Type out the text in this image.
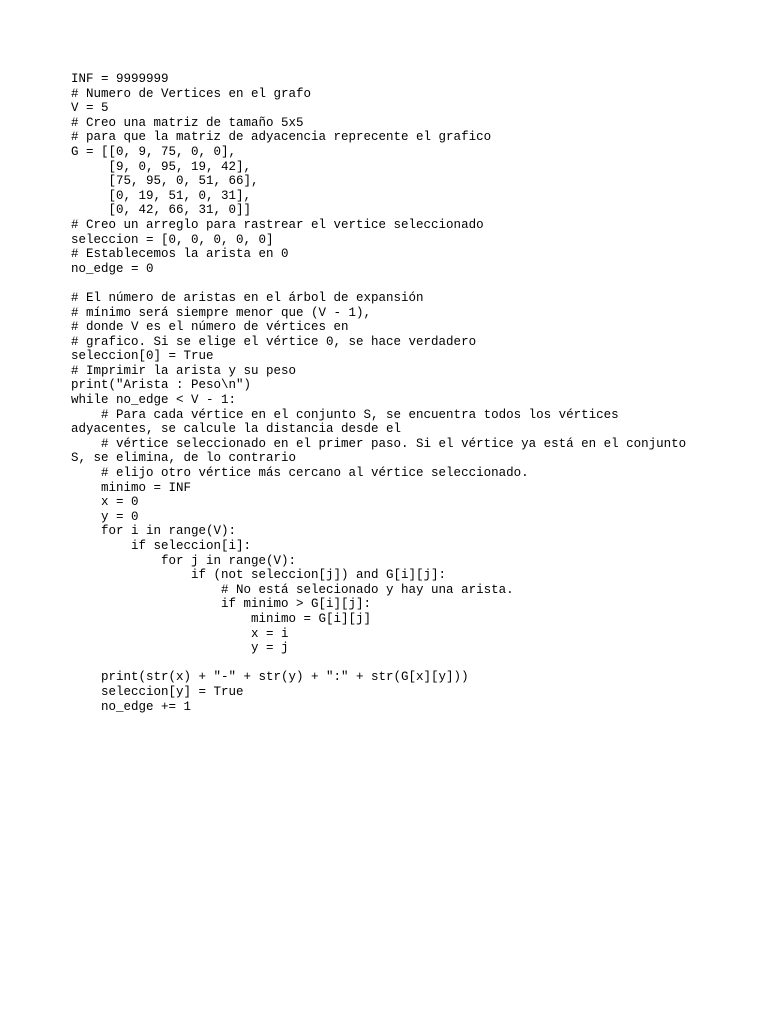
INF = 9999999
# Numero de Vertices en el grafo
V = 5
# Creo una matriz de tamaño 5x5
# para que la matriz de adyacencia reprecente el grafico
G = [[0, 9, 75, 0, 0],
[9, 0, 95, 19, 42],
[75, 95, 0, 51, 66],
[0, 19, 51, 0, 31],
[0, 42, 66, 31, 0]]
# Creo un arreglo para rastrear el vertice seleccionado
seleccion = [0, 0, 0, 0, 0]
# Establecemos la arista en 0
no_edge = 0
# El número de aristas en el árbol de expansión
# mínimo será siempre menor que (V - 1),
# donde V es el número de vértices en
# grafico. Si se elige el vértice 0, se hace verdadero
seleccion[0] = True
# Imprimir la arista y su peso
print("Arista : Peso\n")
while no_edge < V - 1:
# Para cada vértice en el conjunto S, se encuentra todos los vértices
adyacentes, se calcule la distancia desde el
# vértice seleccionado en el primer paso. Si el vértice ya está en el conjunto
S, se elimina, de lo contrario
# elijo otro vértice más cercano al vértice seleccionado.
minimo = INF
x = 0
y = 0
for i in range(V):
if seleccion[i]:
for j in range(V):
if (not seleccion[j]) and G[i][j]:
# No está selecionado y hay una arista.
if minimo > G[i][j]:
minimo = G[i][j]
x = i
y = j
print(str(x) + "-" + str(y) + ":" + str(G[x][y]))
seleccion[y] = True
no_edge += 1
